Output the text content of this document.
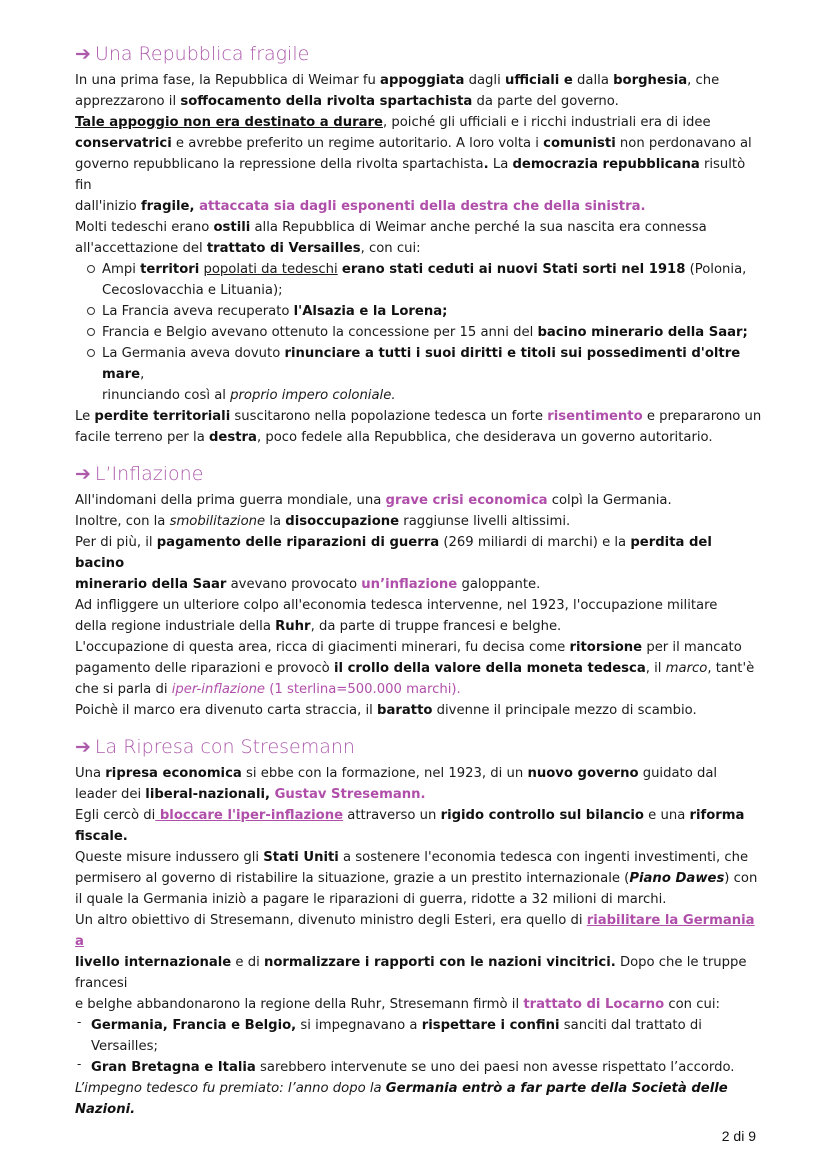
➔ Una Repubblica fragile

In una prima fase, la Repubblica di Weimar fu appoggiata dagli ufficiali e dalla borghesia, che

apprezzarono il soffocamento della rivolta spartachista da parte del governo.

Tale appoggio non era destinato a durare, poiché gli ufficiali e i ricchi industriali era di idee

conservatrici e avrebbe preferito un regime autoritario. A loro volta i comunisti non perdonavano al

governo repubblicano la repressione della rivolta spartachista. La democrazia repubblicana risultò fin

dall'inizio fragile, attaccata sia dagli esponenti della destra che della sinistra.

Molti tedeschi erano ostili alla Repubblica di Weimar anche perché la sua nascita era connessa

all'accettazione del trattato di Versailles, con cui:

Ampi territori popolati da tedeschi erano stati ceduti ai nuovi Stati sorti nel 1918 (Polonia,
Cecoslovacchia e Lituania);
La Francia aveva recuperato l'Alsazia e la Lorena;
Francia e Belgio avevano ottenuto la concessione per 15 anni del bacino minerario della Saar;
La Germania aveva dovuto rinunciare a tutti i suoi diritti e titoli sui possedimenti d'oltre mare,
rinunciando così al proprio impero coloniale.

Le perdite territoriali suscitarono nella popolazione tedesca un forte risentimento e prepararono un

facile terreno per la destra, poco fedele alla Repubblica, che desiderava un governo autoritario.

➔ L’Inflazione

All'indomani della prima guerra mondiale, una grave crisi economica colpì la Germania.

Inoltre, con la smobilitazione la disoccupazione raggiunse livelli altissimi.

Per di più, il pagamento delle riparazioni di guerra (269 miliardi di marchi) e la perdita del bacino

minerario della Saar avevano provocato un’inflazione galoppante.

Ad infliggere un ulteriore colpo all'economia tedesca intervenne, nel 1923, l'occupazione militare

della regione industriale della Ruhr, da parte di truppe francesi e belghe.

L'occupazione di questa area, ricca di giacimenti minerari, fu decisa come ritorsione per il mancato

pagamento delle riparazioni e provocò il crollo della valore della moneta tedesca, il marco, tant'è

che si parla di iper-inflazione (1 sterlina=500.000 marchi).

Poichè il marco era divenuto carta straccia, il baratto divenne il principale mezzo di scambio.

➔ La Ripresa con Stresemann

Una ripresa economica si ebbe con la formazione, nel 1923, di un nuovo governo guidato dal

leader dei liberal-nazionali, Gustav Stresemann.

Egli cercò di bloccare l'iper-inflazione attraverso un rigido controllo sul bilancio e una riforma fiscale.

Queste misure indussero gli Stati Uniti a sostenere l'economia tedesca con ingenti investimenti, che

permisero al governo di ristabilire la situazione, grazie a un prestito internazionale (Piano Dawes) con

il quale la Germania iniziò a pagare le riparazioni di guerra, ridotte a 32 milioni di marchi.

Un altro obiettivo di Stresemann, divenuto ministro degli Esteri, era quello di riabilitare la Germania a

livello internazionale e di normalizzare i rapporti con le nazioni vincitrici. Dopo che le truppe francesi

e belghe abbandonarono la regione della Ruhr, Stresemann firmò il trattato di Locarno con cui:

- Germania, Francia e Belgio, si impegnavano a rispettare i confini sanciti dal trattato di Versailles;
- Gran Bretagna e Italia sarebbero intervenute se uno dei paesi non avesse rispettato l’accordo.

L’impegno tedesco fu premiato: l’anno dopo la Germania entrò a far parte della Società delle Nazioni.

2 di 9
